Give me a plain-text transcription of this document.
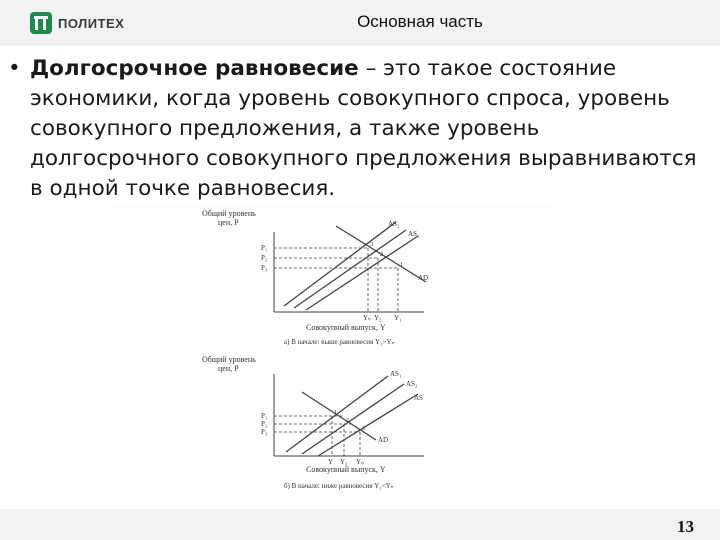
ПОЛИТЕХ	Основная часть
• Долгосрочное равновесие – это такое состояние экономики, когда уровень совокупного спроса, уровень совокупного предложения, а также уровень долгосрочного совокупного предложения выравниваются в одной точке равновесия.
Общий уровень
цен, P
P₁
P₂
P₃
Yₙ Y₂ Y₁
AS₂
AS₁
AD
3
2
1
Совокупный выпуск, Y
а) В начале: выше равновесия Y₁>Yₙ
Общий уровень
цен, P
P₁
P₂
P₃
Y Y₂ Yₙ
AS₁
AS₂
AS
AD
1
2
3
Совокупный выпуск, Y
б) В начале: ниже равновесия Y₁<Yₙ
13
